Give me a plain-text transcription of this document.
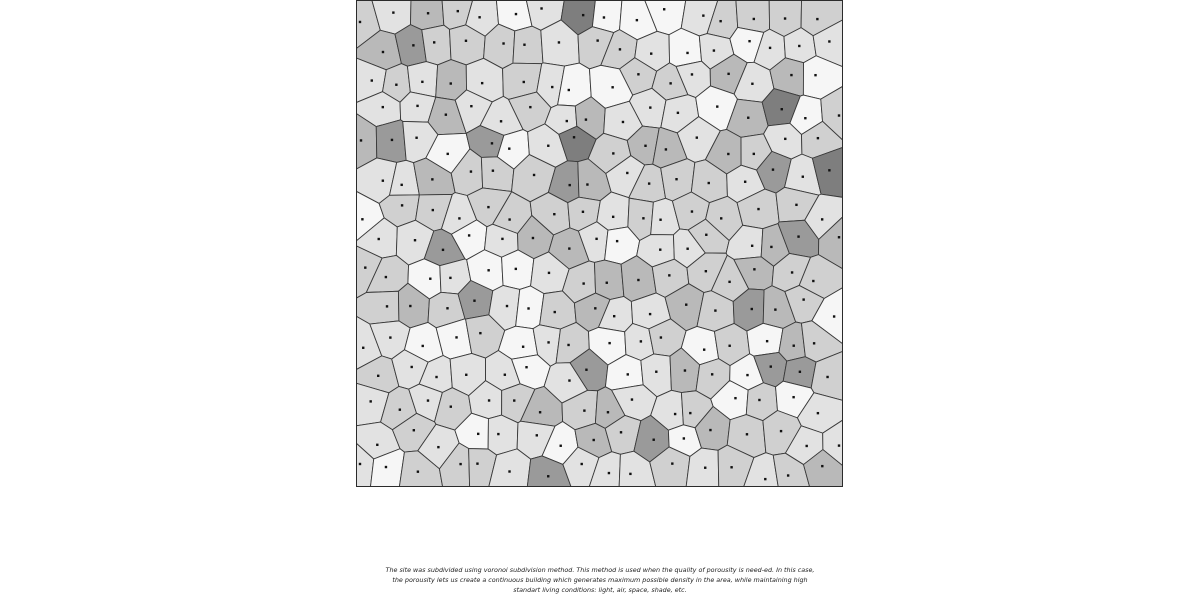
The site was subdivided using voronoi subdivision method. This method is used when the quality of porousity is need-ed. In this case, the porousity lets us create a continuous building which generates maximum possible density in the area, while maintaining high standart living conditions: light, air, space, shade, etc.
